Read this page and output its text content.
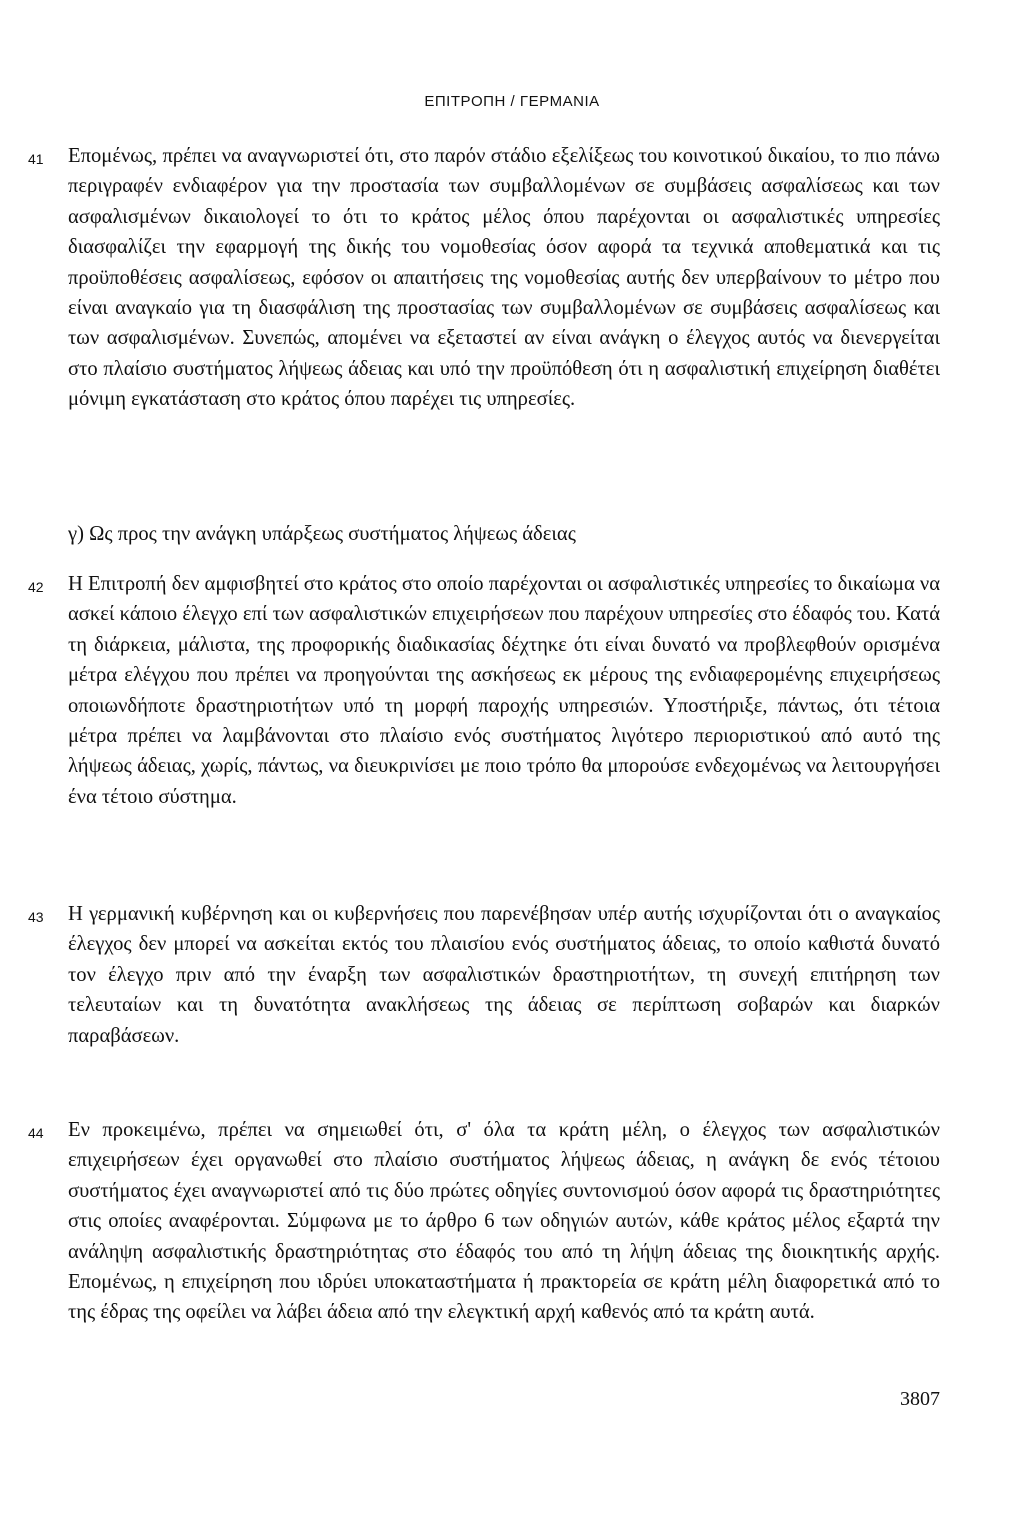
ΕΠΙΤΡΟΠΗ / ΓΕΡΜΑΝΙΑ
41 Επομένως, πρέπει να αναγνωριστεί ότι, στο παρόν στάδιο εξελίξεως του κοινοτικού δικαίου, το πιο πάνω περιγραφέν ενδιαφέρον για την προστασία των συμβαλλομένων σε συμβάσεις ασφαλίσεως και των ασφαλισμένων δικαιολογεί το ότι το κράτος μέλος όπου παρέχονται οι ασφαλιστικές υπηρεσίες διασφαλίζει την εφαρμογή της δικής του νομοθεσίας όσον αφορά τα τεχνικά αποθεματικά και τις προϋποθέσεις ασφαλίσεως, εφόσον οι απαιτήσεις της νομοθεσίας αυτής δεν υπερβαίνουν το μέτρο που είναι αναγκαίο για τη διασφάλιση της προστασίας των συμβαλλομένων σε συμβάσεις ασφαλίσεως και των ασφαλισμένων. Συνεπώς, απομένει να εξεταστεί αν είναι ανάγκη ο έλεγχος αυτός να διενεργείται στο πλαίσιο συστήματος λήψεως άδειας και υπό την προϋπόθεση ότι η ασφαλιστική επιχείρηση διαθέτει μόνιμη εγκατάσταση στο κράτος όπου παρέχει τις υπηρεσίες.
γ) Ως προς την ανάγκη υπάρξεως συστήματος λήψεως άδειας
42 Η Επιτροπή δεν αμφισβητεί στο κράτος στο οποίο παρέχονται οι ασφαλιστικές υπηρεσίες το δικαίωμα να ασκεί κάποιο έλεγχο επί των ασφαλιστικών επιχειρήσεων που παρέχουν υπηρεσίες στο έδαφός του. Κατά τη διάρκεια, μάλιστα, της προφορικής διαδικασίας δέχτηκε ότι είναι δυνατό να προβλεφθούν ορισμένα μέτρα ελέγχου που πρέπει να προηγούνται της ασκήσεως εκ μέρους της ενδιαφερομένης επιχειρήσεως οποιωνδήποτε δραστηριοτήτων υπό τη μορφή παροχής υπηρεσιών. Υποστήριξε, πάντως, ότι τέτοια μέτρα πρέπει να λαμβάνονται στο πλαίσιο ενός συστήματος λιγότερο περιοριστικού από αυτό της λήψεως άδειας, χωρίς, πάντως, να διευκρινίσει με ποιο τρόπο θα μπορούσε ενδεχομένως να λειτουργήσει ένα τέτοιο σύστημα.
43 Η γερμανική κυβέρνηση και οι κυβερνήσεις που παρενέβησαν υπέρ αυτής ισχυρίζονται ότι ο αναγκαίος έλεγχος δεν μπορεί να ασκείται εκτός του πλαισίου ενός συστήματος άδειας, το οποίο καθιστά δυνατό τον έλεγχο πριν από την έναρξη των ασφαλιστικών δραστηριοτήτων, τη συνεχή επιτήρηση των τελευταίων και τη δυνατότητα ανακλήσεως της άδειας σε περίπτωση σοβαρών και διαρκών παραβάσεων.
44 Εν προκειμένω, πρέπει να σημειωθεί ότι, σ' όλα τα κράτη μέλη, ο έλεγχος των ασφαλιστικών επιχειρήσεων έχει οργανωθεί στο πλαίσιο συστήματος λήψεως άδειας, η ανάγκη δε ενός τέτοιου συστήματος έχει αναγνωριστεί από τις δύο πρώτες οδηγίες συντονισμού όσον αφορά τις δραστηριότητες στις οποίες αναφέρονται. Σύμφωνα με το άρθρο 6 των οδηγιών αυτών, κάθε κράτος μέλος εξαρτά την ανάληψη ασφαλιστικής δραστηριότητας στο έδαφός του από τη λήψη άδειας της διοικητικής αρχής. Επομένως, η επιχείρηση που ιδρύει υποκαταστήματα ή πρακτορεία σε κράτη μέλη διαφορετικά από το της έδρας της οφείλει να λάβει άδεια από την ελεγκτική αρχή καθενός από τα κράτη αυτά.
3807
